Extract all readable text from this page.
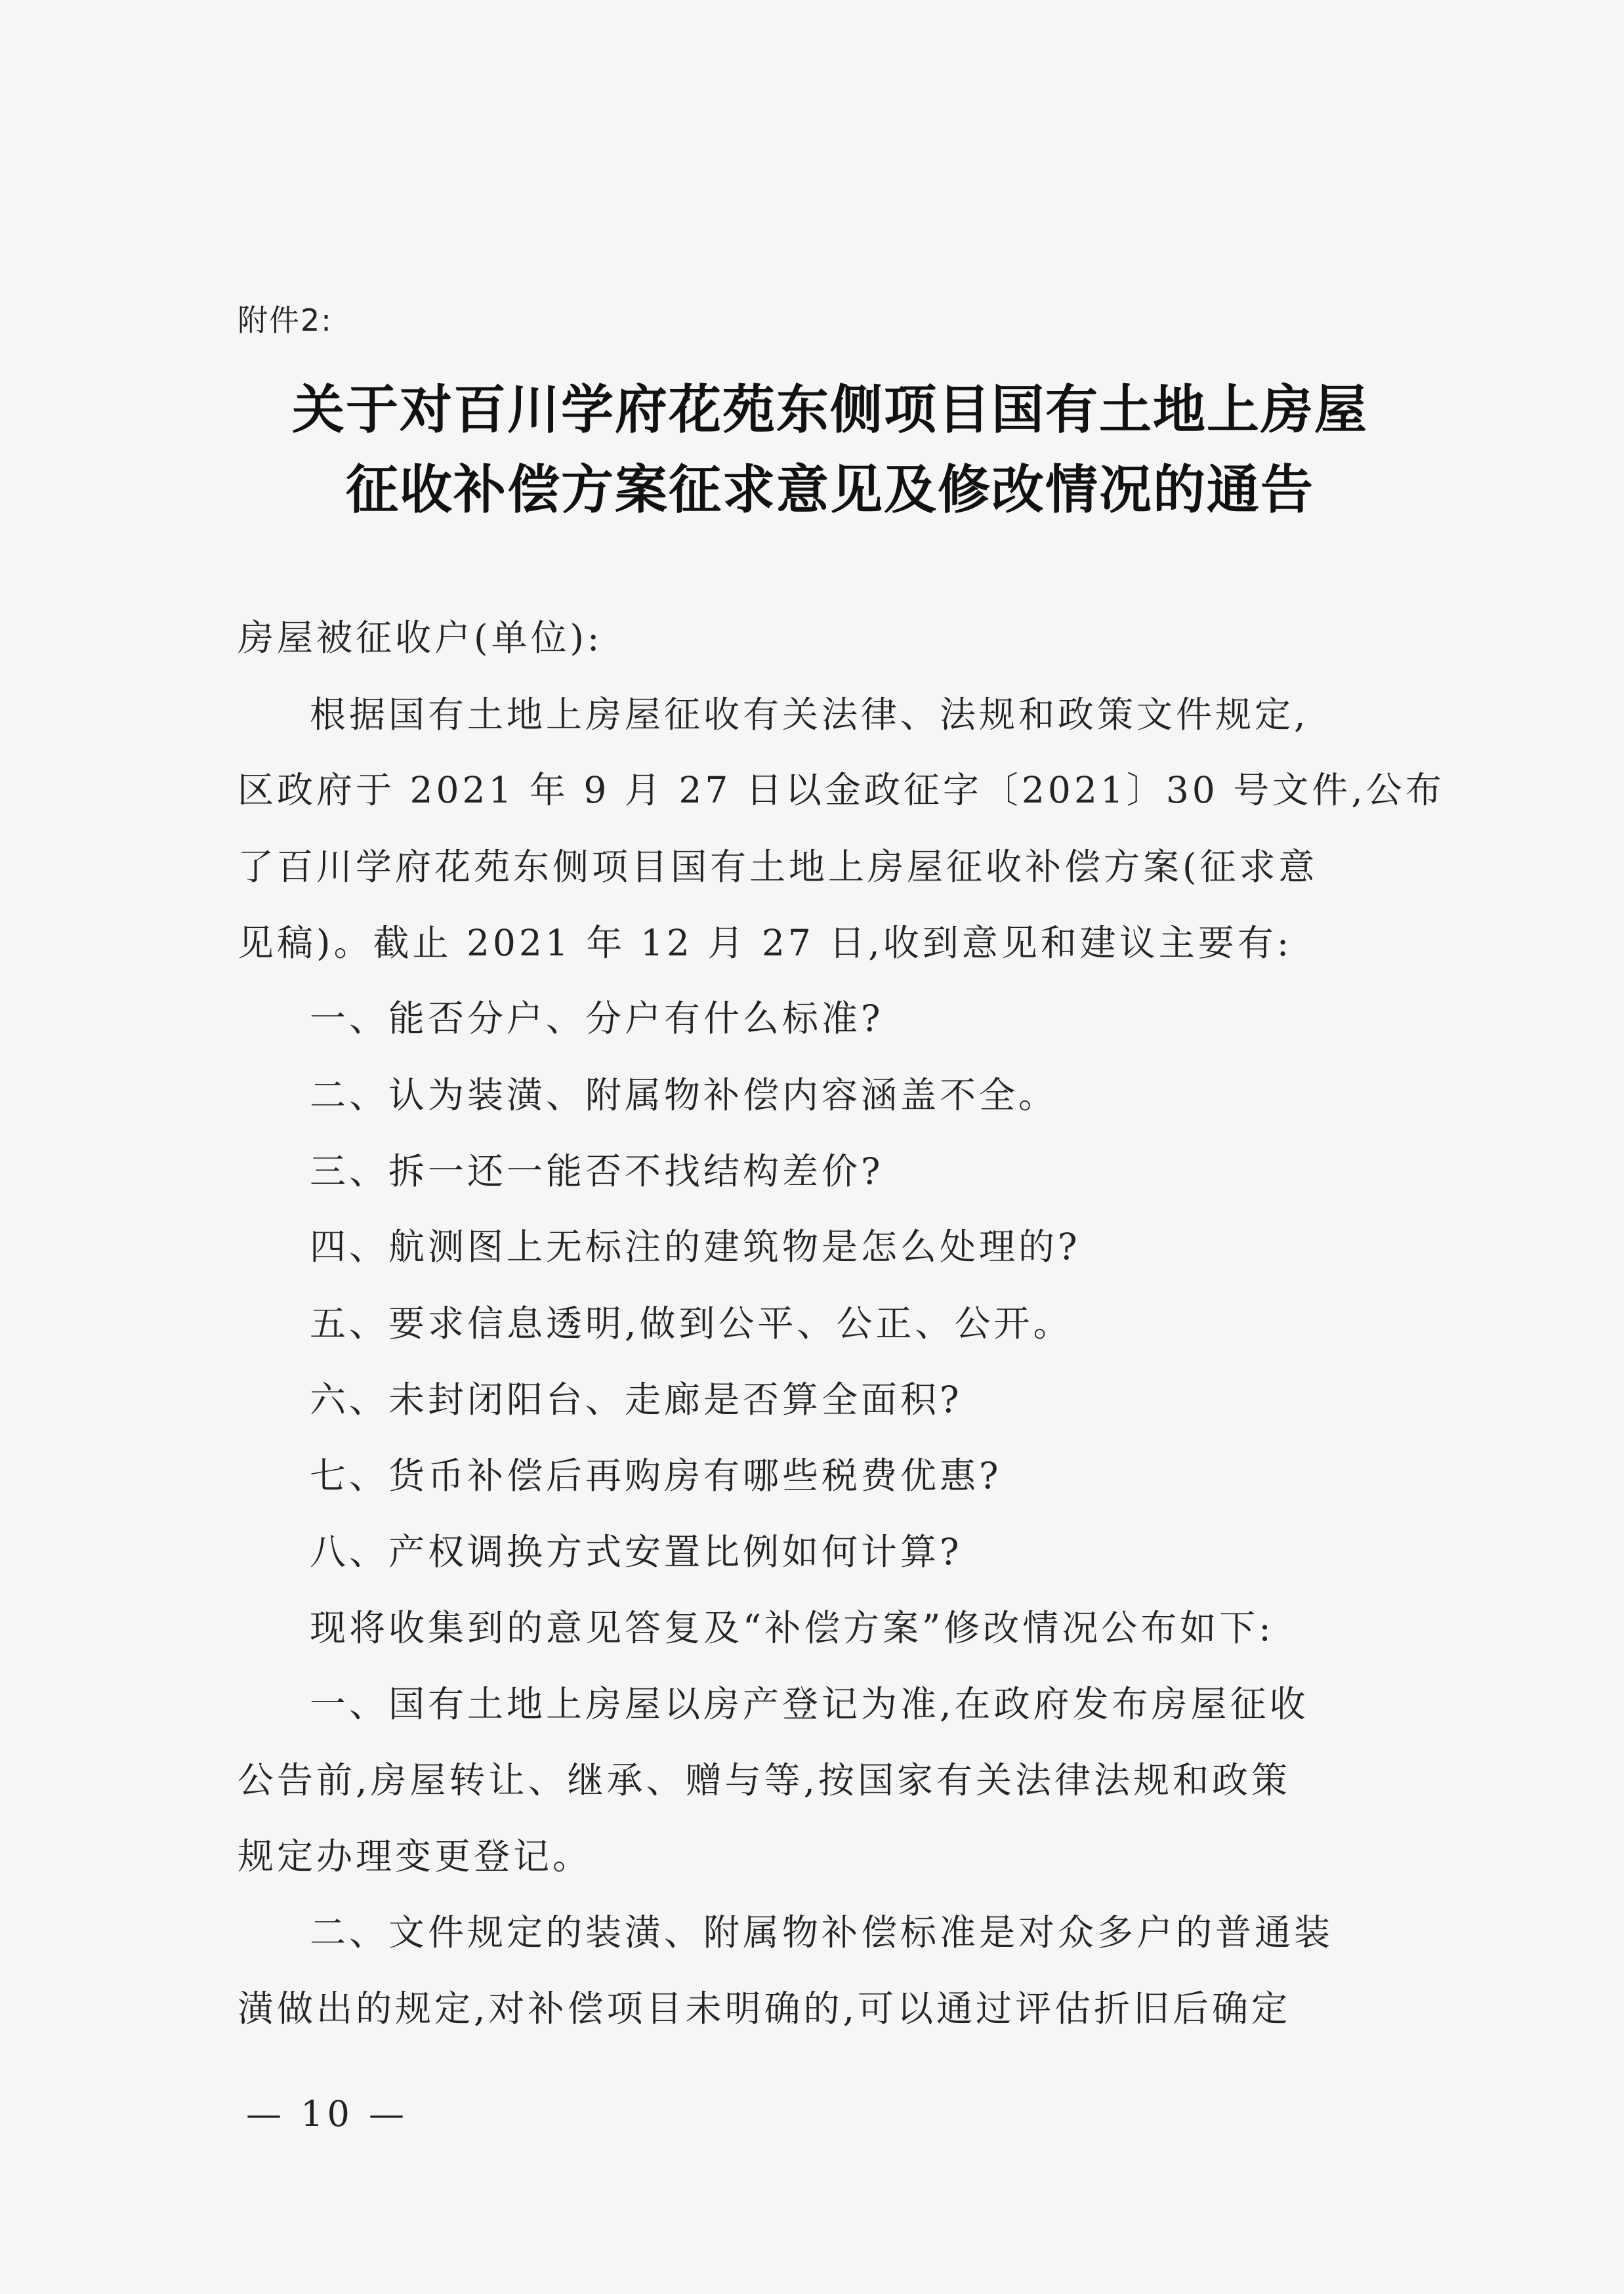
附件2:
关于对百川学府花苑东侧项目国有土地上房屋
征收补偿方案征求意见及修改情况的通告
房屋被征收户(单位):
根据国有土地上房屋征收有关法律、法规和政策文件规定,
区政府于 2021 年 9 月 27 日以金政征字〔2021〕30 号文件,公布
了百川学府花苑东侧项目国有土地上房屋征收补偿方案(征求意
见稿)。截止 2021 年 12 月 27 日,收到意见和建议主要有:
一、能否分户、分户有什么标准?
二、认为装潢、附属物补偿内容涵盖不全。
三、拆一还一能否不找结构差价?
四、航测图上无标注的建筑物是怎么处理的?
五、要求信息透明,做到公平、公正、公开。
六、未封闭阳台、走廊是否算全面积?
七、货币补偿后再购房有哪些税费优惠?
八、产权调换方式安置比例如何计算?
现将收集到的意见答复及“补偿方案”修改情况公布如下:
一、国有土地上房屋以房产登记为准,在政府发布房屋征收
公告前,房屋转让、继承、赠与等,按国家有关法律法规和政策
规定办理变更登记。
二、文件规定的装潢、附属物补偿标准是对众多户的普通装
潢做出的规定,对补偿项目未明确的,可以通过评估折旧后确定
— 10 —
